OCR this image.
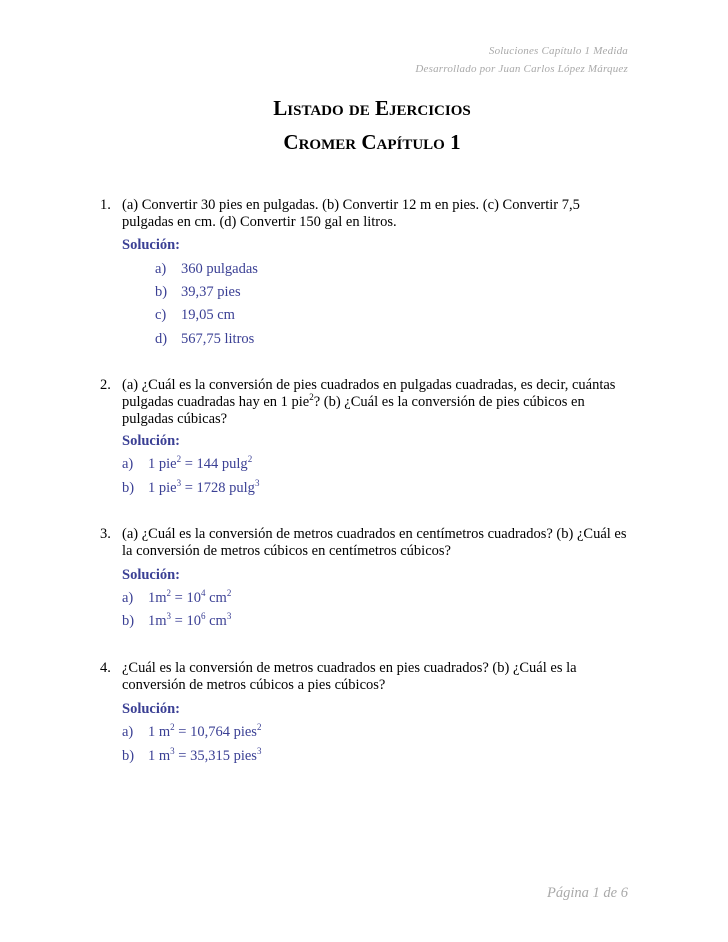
Soluciones Capítulo 1 Medida
Desarrollado por Juan Carlos López Márquez
Listado de Ejercicios
Cromer Capítulo 1
1. (a) Convertir 30 pies en pulgadas. (b) Convertir 12 m en pies. (c) Convertir 7,5
pulgadas en cm. (d) Convertir 150 gal en litros.
Solución:
a) 360 pulgadas
b) 39,37 pies
c) 19,05 cm
d) 567,75 litros
2. (a) ¿Cuál es la conversión de pies cuadrados en pulgadas cuadradas, es decir, cuántas
pulgadas cuadradas hay en 1 pie$^2$? (b) ¿Cuál es la conversión de pies cúbicos en
pulgadas cúbicas?
Solución:
a) 1 pie$^2$ = 144 pulg$^2$
b) 1 pie$^3$ = 1728 pulg$^3$
3. (a) ¿Cuál es la conversión de metros cuadrados en centímetros cuadrados? (b) ¿Cuál es
la conversión de metros cúbicos en centímetros cúbicos?
Solución:
a) $1m^2 = 10^4$ $cm^2$
b) $1m^3 = 10^6$ $cm^3$
4. ¿Cuál es la conversión de metros cuadrados en pies cuadrados? (b) ¿Cuál es la
conversión de metros cúbicos a pies cúbicos?
Solución:
a) 1 $m^2 = 10,764$ pies$^2$
b) 1 $m^3 = 35,315$ pies$^3$
Página 1 de 6
